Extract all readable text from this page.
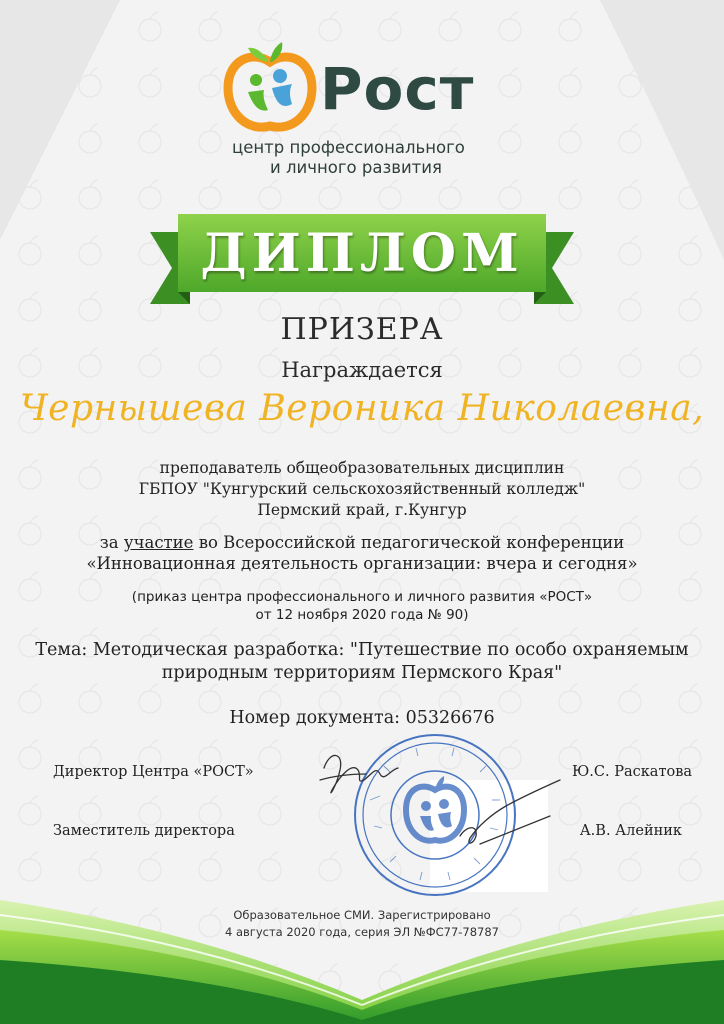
Рост
центр профессионального
и личного развития
ДИПЛОМ
ПРИЗЕРА
Награждается
Чернышева Вероника Николаевна,
преподаватель общеобразовательных дисциплин
ГБПОУ "Кунгурский сельскохозяйственный колледж"
Пермский край, г.Кунгур
за участие во Всероссийской педагогической конференции
«Инновационная деятельность организации: вчера и сегодня»
(приказ центра профессионального и личного развития «РОСТ»
от 12 ноября 2020 года № 90)
Тема: Методическая разработка: "Путешествие по особо охраняемым
природным территориям Пермского Края"
Номер документа: 05326676
Директор Центра «РОСТ»	Ю.С. Раскатова
Заместитель директора	А.В. Алейник
Образовательное СМИ. Зарегистрировано
4 августа 2020 года, серия ЭЛ №ФС77-78787
